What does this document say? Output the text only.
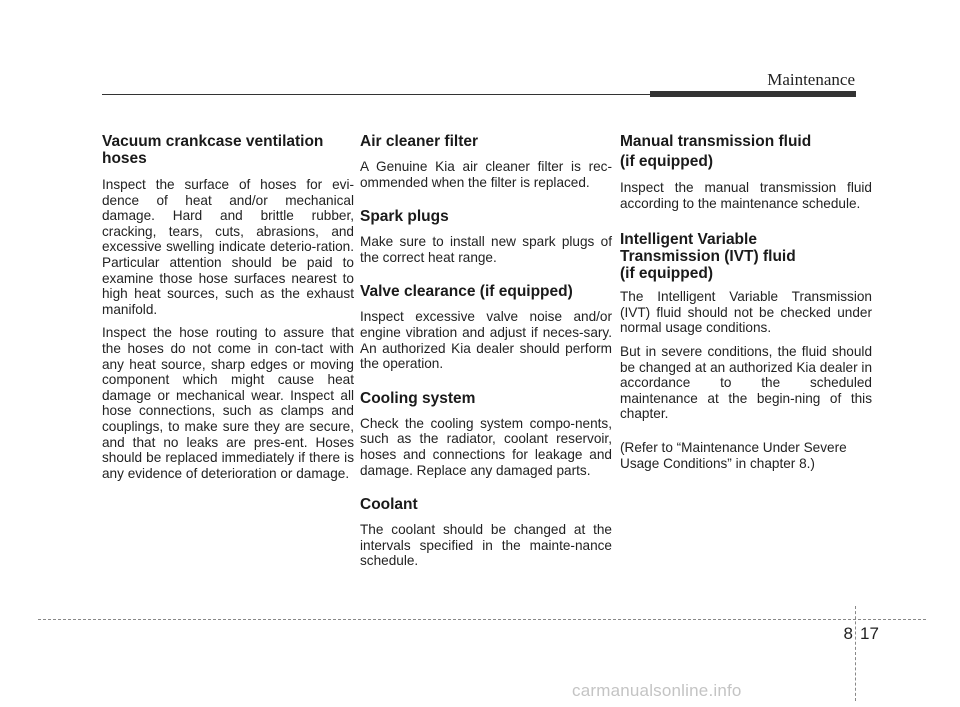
Maintenance
Vacuum crankcase ventilation
hoses

Inspect the surface of hoses for evi-dence of heat and/or mechanical damage. Hard and brittle rubber, cracking, tears, cuts, abrasions, and excessive swelling indicate deterio-ration. Particular attention should be paid to examine those hose surfaces nearest to high heat sources, such as the exhaust manifold.

Inspect the hose routing to assure that the hoses do not come in con-tact with any heat source, sharp edges or moving component which might cause heat damage or mechanical wear. Inspect all hose connections, such as clamps and couplings, to make sure they are secure, and that no leaks are pres-ent. Hoses should be replaced immediately if there is any evidence of deterioration or damage.

Air cleaner filter

A Genuine Kia air cleaner filter is rec-ommended when the filter is replaced.

Spark plugs

Make sure to install new spark plugs of the correct heat range.

Valve clearance (if equipped)

Inspect excessive valve noise and/or engine vibration and adjust if neces-sary. An authorized Kia dealer should perform the operation.

Cooling system

Check the cooling system compo-nents, such as the radiator, coolant reservoir, hoses and connections for leakage and damage. Replace any damaged parts.

Coolant

The coolant should be changed at the intervals specified in the mainte-nance schedule.

Manual transmission fluid
(if equipped)

Inspect the manual transmission fluid according to the maintenance schedule.

Intelligent Variable
Transmission (IVT) fluid
(if equipped)

The Intelligent Variable Transmission (IVT) fluid should not be checked under normal usage conditions.

But in severe conditions, the fluid should be changed at an authorized Kia dealer in accordance to the scheduled maintenance at the begin-ning of this chapter.

(Refer to “Maintenance Under Severe Usage Conditions” in chapter 8.)

8 17
carmanualsonline.info
